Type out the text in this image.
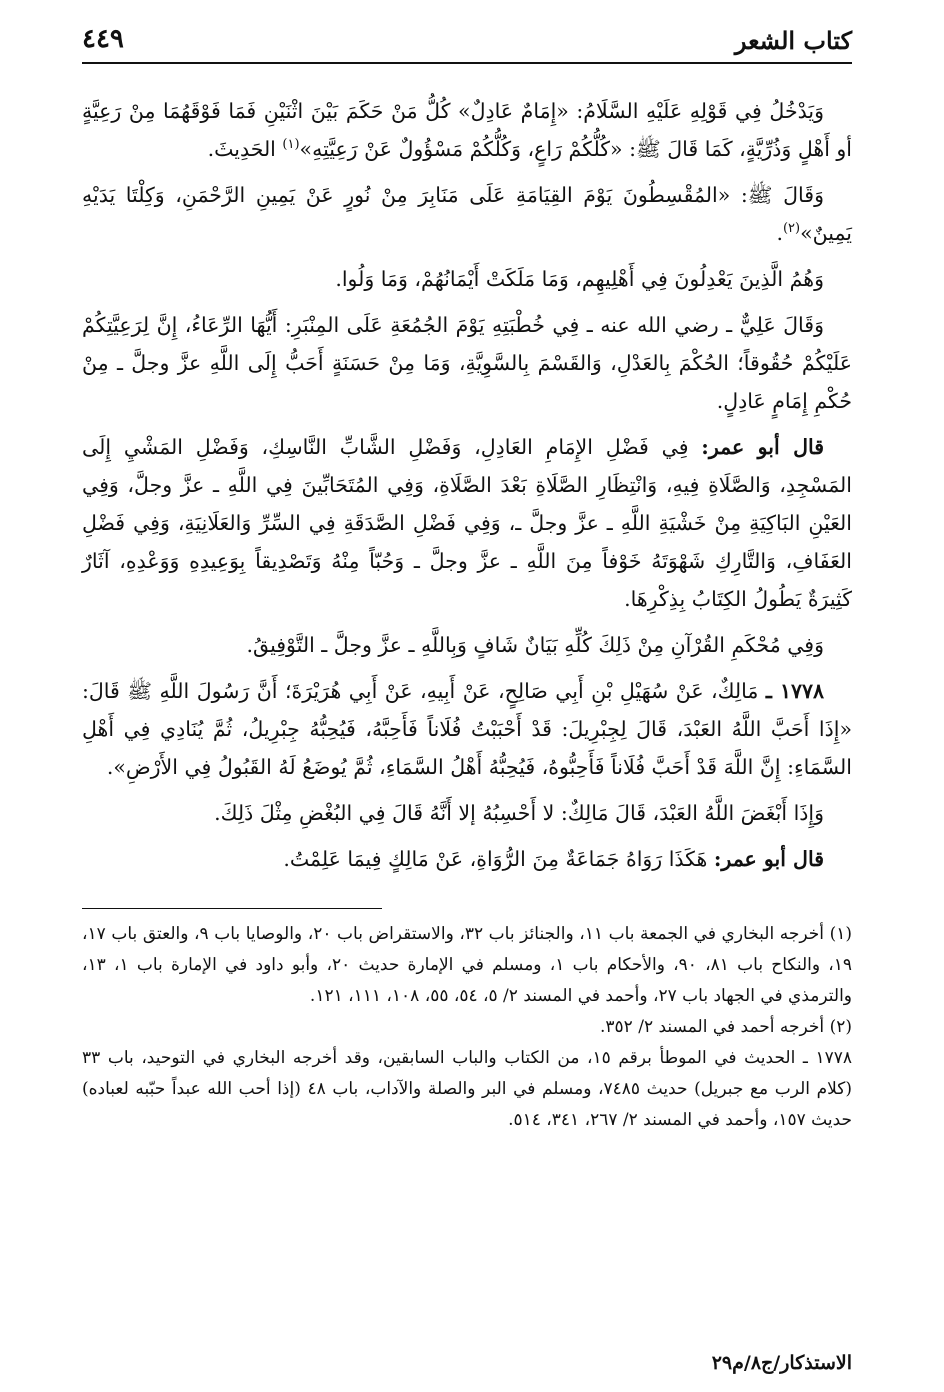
كتاب الشعر
٤٤٩

وَيَدْخُلُ فِي قَوْلِهِ عَلَيْهِ السَّلَامُ: «إِمَامٌ عَادِلٌ» كُلُّ مَنْ حَكَمَ بَيْنَ اثْنَيْنِ فَمَا فَوْقَهُمَا مِنْ رَعِيَّةٍ أو أَهْلٍ وَذُرِّيَّةٍ، كَمَا قَالَ ﷺ: «كُلُّكُمْ رَاعٍ، وَكُلُّكُمْ مَسْؤُولٌ عَنْ رَعِيَّتِهِ»$^{(١)}$ الحَدِيثَ.

وَقَالَ ﷺ: «المُقْسِطُونَ يَوْمَ القِيَامَةِ عَلَى مَنَابِرَ مِنْ نُورٍ عَنْ يَمِينِ الرَّحْمَنِ، وَكِلْتَا يَدَيْهِ يَمِينٌ»$^{(٢)}$.

وَهُمُ الَّذِينَ يَعْدِلُونَ فِي أَهْلِيهِم، وَمَا مَلَكَتْ أَيْمَانُهُمْ، وَمَا وَلُوا.

وَقَالَ عَلِيٌّ ـ رضي الله عنه ـ فِي خُطْبَتِهِ يَوْمَ الجُمُعَةِ عَلَى المِنْبَرِ: أَيُّهَا الرِّعَاءُ، إِنَّ لِرَعِيَّتِكُمْ عَلَيْكُمْ حُقُوقاً؛ الحُكْمَ بِالعَدْلِ، وَالقَسْمَ بِالسَّوِيَّةِ، وَمَا مِنْ حَسَنَةٍ أَحَبُّ إِلَى اللَّهِ عزَّ وجلَّ ـ مِنْ حُكْمِ إِمَامٍ عَادِلٍ.

قال أبو عمر: فِي فَضْلِ الإِمَامِ العَادِلِ، وَفَضْلِ الشَّابِّ النَّاسِكِ، وَفَضْلِ المَشْيِ إِلَى المَسْجِدِ، وَالصَّلَاةِ فِيهِ، وَانْتِظَارِ الصَّلَاةِ بَعْدَ الصَّلَاةِ، وَفِي المُتَحَابِّينَ فِي اللَّهِ ـ عزَّ وجلَّ، وَفِي العَيْنِ البَاكِيَةِ مِنْ خَشْيَةِ اللَّهِ ـ عزَّ وجلَّ ـ، وَفِي فَضْلِ الصَّدَقَةِ فِي السِّرِّ وَالعَلَانِيَةِ، وَفِي فَضْلِ العَفَافِ، وَالتَّارِكِ شَهْوَتَهُ خَوْفاً مِنَ اللَّهِ ـ عزَّ وجلَّ ـ وَحُبّاً مِنْهُ وَتَصْدِيقاً بِوَعِيدِهِ وَوَعْدِهِ، آثَارٌ كَثِيرَةٌ يَطُولُ الكِتَابُ بِذِكْرِهَا.

وَفِي مُحْكَمِ القُرْآنِ مِنْ ذَلِكَ كُلِّهِ بَيَانٌ شَافٍ وَبِاللَّهِ ـ عزَّ وجلَّ ـ التَّوْفِيقُ.

١٧٧٨ ـ مَالِكٌ، عَنْ سُهَيْلِ بْنِ أَبِي صَالِحٍ، عَنْ أَبِيهِ، عَنْ أَبِي هُرَيْرَةَ؛ أَنَّ رَسُولَ اللَّهِ ﷺ قَالَ: «إِذَا أَحَبَّ اللَّهُ العَبْدَ، قَالَ لِجِبْرِيلَ: قَدْ أَحْبَبْتُ فُلَاناً فَأَحِبَّهُ، فَيُحِبُّهُ جِبْرِيلُ، ثُمَّ يُنَادِي فِي أَهْلِ السَّمَاءِ: إِنَّ اللَّهَ قَدْ أَحَبَّ فُلَاناً فَأَحِبُّوهُ، فَيُحِبُّهُ أَهْلُ السَّمَاءِ، ثُمَّ يُوضَعُ لَهُ القَبُولُ فِي الأَرْضِ».

وَإِذَا أَبْغَضَ اللَّهُ العَبْدَ، قَالَ مَالِكٌ: لا أَحْسِبُهُ إلا أَنَّهُ قَالَ فِي البُغْضِ مِثْلَ ذَلِكَ.

قال أبو عمر: هَكَذَا رَوَاهُ جَمَاعَةٌ مِنَ الرُّوَاةِ، عَنْ مَالِكٍ فِيمَا عَلِمْتُ.

(١) أخرجه البخاري في الجمعة باب ١١، والجنائز باب ٣٢، والاستقراض باب ٢٠، والوصايا باب ٩، والعتق باب ١٧، ١٩، والنكاح باب ٨١، ٩٠، والأحكام باب ١، ومسلم في الإمارة حديث ٢٠، وأبو داود في الإمارة باب ١، ١٣، والترمذي في الجهاد باب ٢٧، وأحمد في المسند ٢/ ٥، ٥٤، ٥٥، ١٠٨، ١١١، ١٢١.

(٢) أخرجه أحمد في المسند ٢/ ٣٥٢.

١٧٧٨ ـ الحديث في الموطأ برقم ١٥، من الكتاب والباب السابقين، وقد أخرجه البخاري في التوحيد، باب ٣٣ (كلام الرب مع جبريل) حديث ٧٤٨٥، ومسلم في البر والصلة والآداب، باب ٤٨ (إذا أحب الله عبداً حبّبه لعباده) حديث ١٥٧، وأحمد في المسند ٢/ ٢٦٧، ٣٤١، ٥١٤.

الاستذكار/ج٨/م٢٩
